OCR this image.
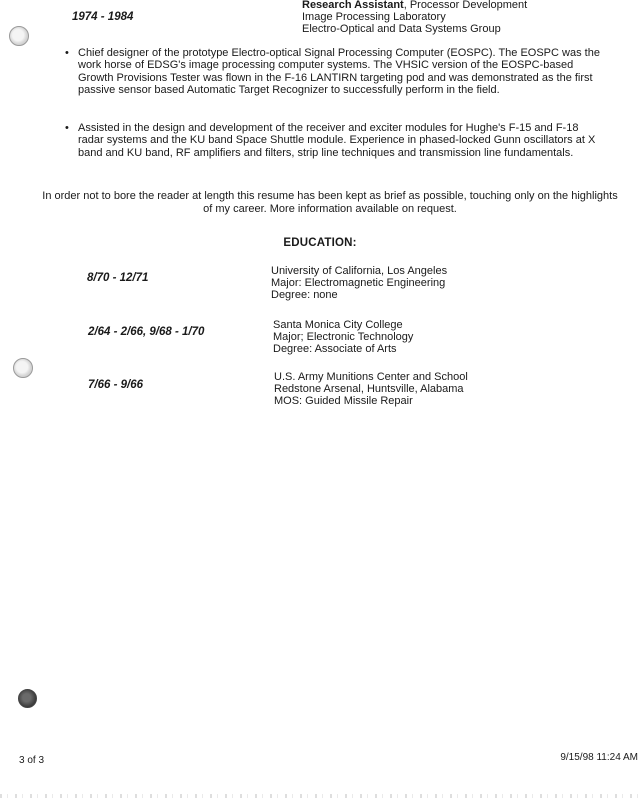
1974 - 1984
Research Assistant, Processor Development
Image Processing Laboratory
Electro-Optical and Data Systems Group
• Chief designer of the prototype Electro-optical Signal Processing Computer (EOSPC). The EOSPC was the work horse of EDSG's image processing computer systems. The VHSIC version of the EOSPC-based Growth Provisions Tester was flown in the F-16 LANTIRN targeting pod and was demonstrated as the first passive sensor based Automatic Target Recognizer to successfully perform in the field.
• Assisted in the design and development of the receiver and exciter modules for Hughe's F-15 and F-18 radar systems and the KU band Space Shuttle module. Experience in phased-locked Gunn oscillators at X band and KU band, RF amplifiers and filters, strip line techniques and transmission line fundamentals.
In order not to bore the reader at length this resume has been kept as brief as possible, touching only on the highlights of my career. More information available on request.
EDUCATION:
8/70 - 12/71
University of California, Los Angeles
Major: Electromagnetic Engineering
Degree: none
2/64 - 2/66, 9/68 - 1/70
Santa Monica City College
Major; Electronic Technology
Degree: Associate of Arts
7/66 - 9/66
U.S. Army Munitions Center and School
Redstone Arsenal, Huntsville, Alabama
MOS: Guided Missile Repair
3 of 3	9/15/98 11:24 AM
